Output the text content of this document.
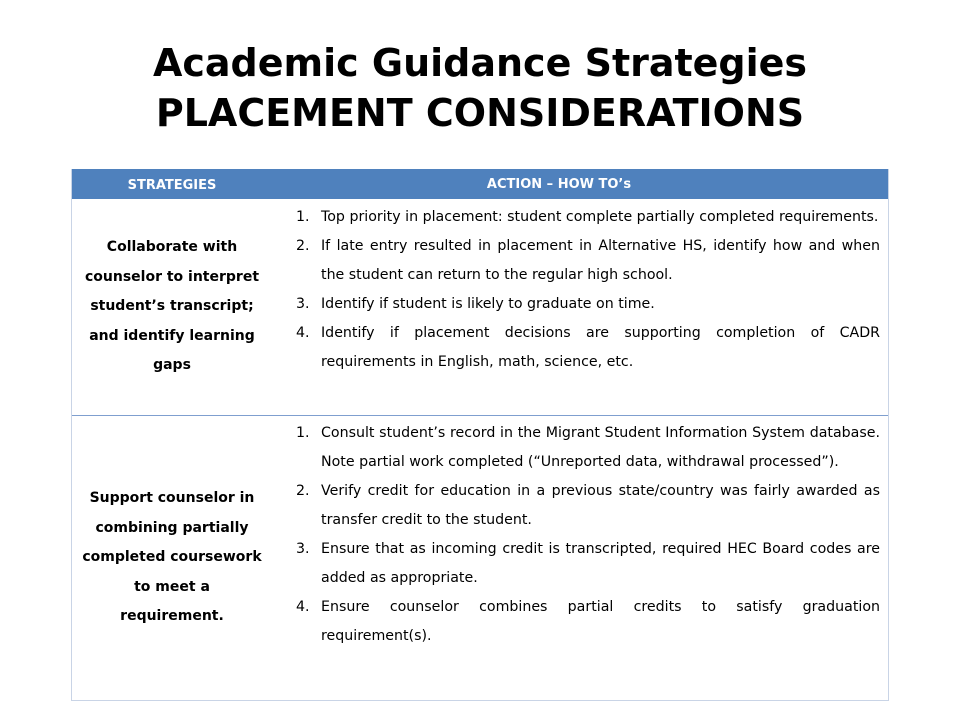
Academic Guidance Strategies
PLACEMENT CONSIDERATIONS
STRATEGIES	ACTION – HOW TO’s
Collaborate with counselor to interpret student’s transcript; and identify learning gaps
1. Top priority in placement: student complete partially completed requirements.
2. If late entry resulted in placement in Alternative HS, identify how and when the student can return to the regular high school.
3. Identify if student is likely to graduate on time.
4. Identify if placement decisions are supporting completion of CADR requirements in English, math, science, etc.
Support counselor in combining partially completed coursework to meet a requirement.
1. Consult student’s record in the Migrant Student Information System database. Note partial work completed (“Unreported data, withdrawal processed”).
2. Verify credit for education in a previous state/country was fairly awarded as transfer credit to the student.
3. Ensure that as incoming credit is transcripted, required HEC Board codes are added as appropriate.
4. Ensure counselor combines partial credits to satisfy graduation requirement(s).
